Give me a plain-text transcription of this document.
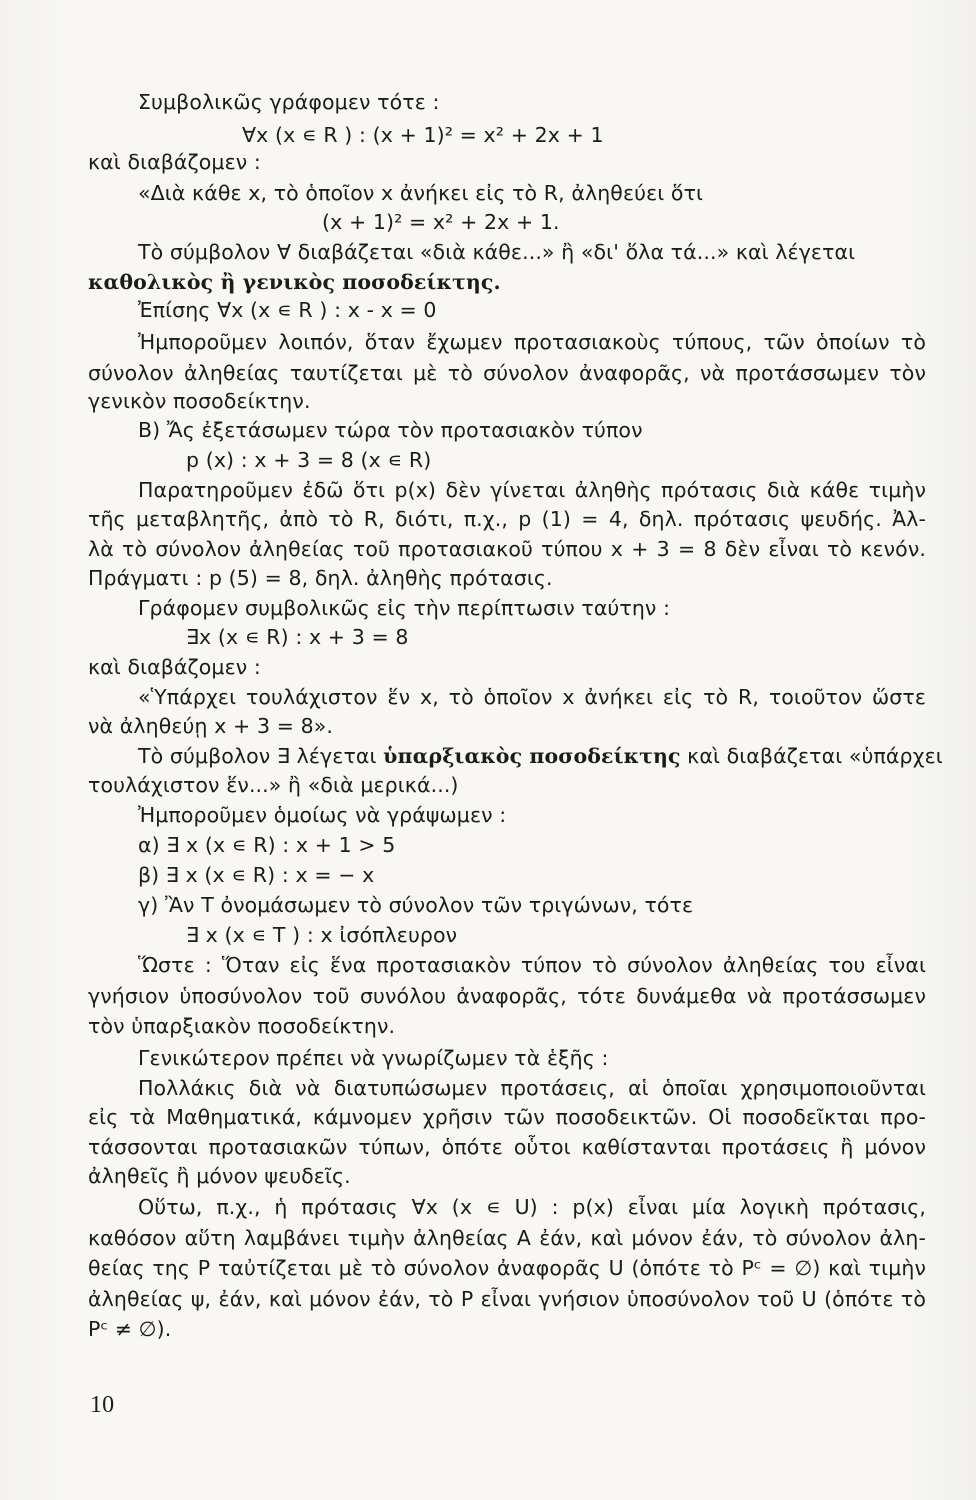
Συμβολικῶς γράφομεν τότε :
∀x (x ∊ R ) : (x + 1)² = x² + 2x + 1
καὶ διαβάζομεν :
«Διὰ κάθε x, τὸ ὁποῖον x ἀνήκει εἰς τὸ R, ἀληθεύει ὅτι
(x + 1)² = x² + 2x + 1.
Τὸ σύμβολον ∀ διαβάζεται «διὰ κάθε...» ἢ «δι' ὅλα τά...» καὶ λέγεται
καθολικὸς ἢ γενικὸς ποσοδείκτης.
Ἐπίσης ∀x (x ∊ R ) : x - x = 0
Ἠμποροῦμεν λοιπόν, ὅταν ἔχωμεν προτασιακοὺς τύπους, τῶν ὁποίων τὸ
σύνολον ἀληθείας ταυτίζεται μὲ τὸ σύνολον ἀναφορᾶς, νὰ προτάσσωμεν τὸν
γενικὸν ποσοδείκτην.
Β) Ἄς ἐξετάσωμεν τώρα τὸν προτασιακὸν τύπον
p (x) : x + 3 = 8 (x ∊ R)
Παρατηροῦμεν ἐδῶ ὅτι p(x) δὲν γίνεται ἀληθὴς πρότασις διὰ κάθε τιμὴν
τῆς μεταβλητῆς, ἀπὸ τὸ R, διότι, π.χ., p (1) = 4, δηλ. πρότασις ψευδής. Ἀλ-
λὰ τὸ σύνολον ἀληθείας τοῦ προτασιακοῦ τύπου x + 3 = 8 δὲν εἶναι τὸ κενόν.
Πράγματι : p (5) = 8, δηλ. ἀληθὴς πρότασις.
Γράφομεν συμβολικῶς εἰς τὴν περίπτωσιν ταύτην :
∃x (x ∊ R) : x + 3 = 8
καὶ διαβάζομεν :
«Ὑπάρχει τουλάχιστον ἕν x, τὸ ὁποῖον x ἀνήκει εἰς τὸ R, τοιοῦτον ὥστε
νὰ ἀληθεύῃ x + 3 = 8».
Τὸ σύμβολον ∃ λέγεται ὑπαρξιακὸς ποσοδείκτης καὶ διαβάζεται «ὑπάρχει
τουλάχιστον ἕν...» ἢ «διὰ μερικά...)
Ἠμποροῦμεν ὁμοίως νὰ γράψωμεν :
α) ∃ x (x ∊ R) : x + 1 > 5
β) ∃ x (x ∊ R) : x = − x
γ) Ἂν Τ ὀνομάσωμεν τὸ σύνολον τῶν τριγώνων, τότε
∃ x (x ∊ T ) : x ἰσόπλευρον
Ὥστε : Ὅταν εἰς ἕνα προτασιακὸν τύπον τὸ σύνολον ἀληθείας του εἶναι
γνήσιον ὑποσύνολον τοῦ συνόλου ἀναφορᾶς, τότε δυνάμεθα νὰ προτάσσωμεν
τὸν ὑπαρξιακὸν ποσοδείκτην.
Γενικώτερον πρέπει νὰ γνωρίζωμεν τὰ ἑξῆς :
Πολλάκις διὰ νὰ διατυπώσωμεν προτάσεις, αἱ ὁποῖαι χρησιμοποιοῦνται
εἰς τὰ Μαθηματικά, κάμνομεν χρῆσιν τῶν ποσοδεικτῶν. Οἱ ποσοδεῖκται προ-
τάσσονται προτασιακῶν τύπων, ὁπότε οὗτοι καθίστανται προτάσεις ἢ μόνον
ἀληθεῖς ἢ μόνον ψευδεῖς.
Οὕτω, π.χ., ἡ πρότασις ∀x (x ∊ U) : p(x) εἶναι μία λογικὴ πρότασις,
καθόσον αὕτη λαμβάνει τιμὴν ἀληθείας Α ἐάν, καὶ μόνον ἐάν, τὸ σύνολον ἀλη-
θείας της P ταὐτίζεται μὲ τὸ σύνολον ἀναφορᾶς U (ὁπότε τὸ Pᶜ = ∅) καὶ τιμὴν
ἀληθείας ψ, ἐάν, καὶ μόνον ἐάν, τὸ P εἶναι γνήσιον ὑποσύνολον τοῦ U (ὁπότε τὸ
Pᶜ ≠ ∅).
10
